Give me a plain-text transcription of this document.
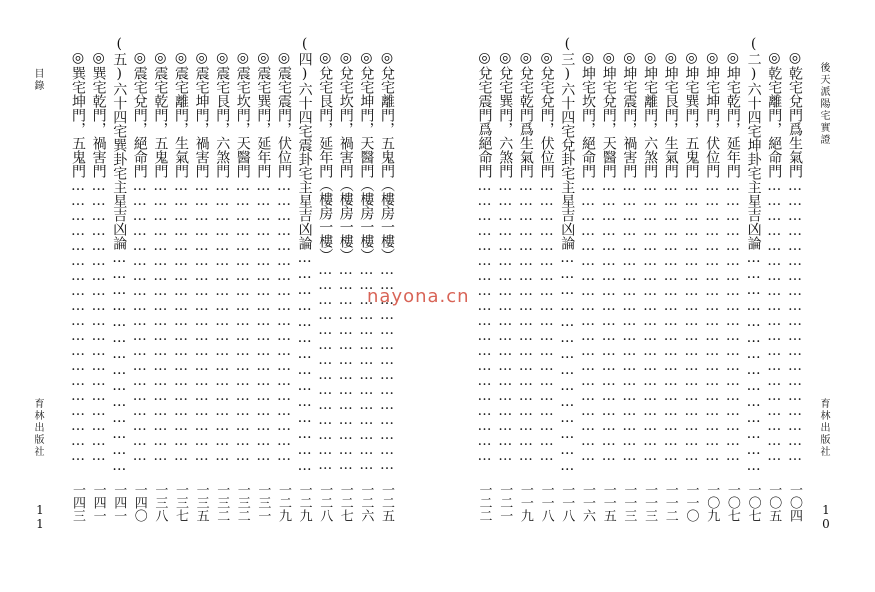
後天派陽宅實證
育林出版社
10
目錄
育林出版社
11
◎乾宅兌門爲生氣門…………………………………………………
一〇四
◎乾宅離門，絕命門…………………………………………………
一〇五
(二)六十四宅坤卦宅主星吉凶論……………………………………
一〇七
◎坤宅乾門，延年門…………………………………………………
一〇七
◎坤宅坤門，伏位門…………………………………………………
一〇九
◎坤宅巽門，五鬼門…………………………………………………
一一〇
◎坤宅艮門，生氣門…………………………………………………
一一二
◎坤宅離門，六煞門…………………………………………………
一一三
◎坤宅震門，禍害門…………………………………………………
一一三
◎坤宅兌門，天醫門…………………………………………………
一一五
◎坤宅坎門，絕命門…………………………………………………
一一六
(三)六十四宅兌卦宅主星吉凶論……………………………………
一一八
◎兌宅兌門，伏位門…………………………………………………
一一八
◎兌宅乾門爲生氣門…………………………………………………
一一九
◎兌宅巽門，六煞門…………………………………………………
一二一
◎兌宅震門爲絕命門…………………………………………………
一二二
◎兌宅離門，五鬼門（樓房一樓）……………………………………
一二五
◎兌宅坤門，天醫門（樓房一樓）……………………………………
一二六
◎兌宅坎門，禍害門（樓房一樓）……………………………………
一二七
◎兌宅艮門，延年門（樓房一樓）……………………………………
一二八
(四)六十四宅震卦宅主星吉凶論……………………………………
一二九
◎震宅震門，伏位門…………………………………………………
一二九
◎震宅巽門，延年門…………………………………………………
一三一
◎震宅坎門，天醫門…………………………………………………
一三二
◎震宅艮門，六煞門…………………………………………………
一三二
◎震宅坤門，禍害門…………………………………………………
一三五
◎震宅離門，生氣門…………………………………………………
一三七
◎震宅乾門，五鬼門…………………………………………………
一三八
◎震宅兌門，絕命門…………………………………………………
一四〇
(五)六十四宅巽卦宅主星吉凶論……………………………………
一四一
◎巽宅乾門，禍害門…………………………………………………
一四一
◎巽宅坤門，五鬼門…………………………………………………
一四三
nayona.cn
